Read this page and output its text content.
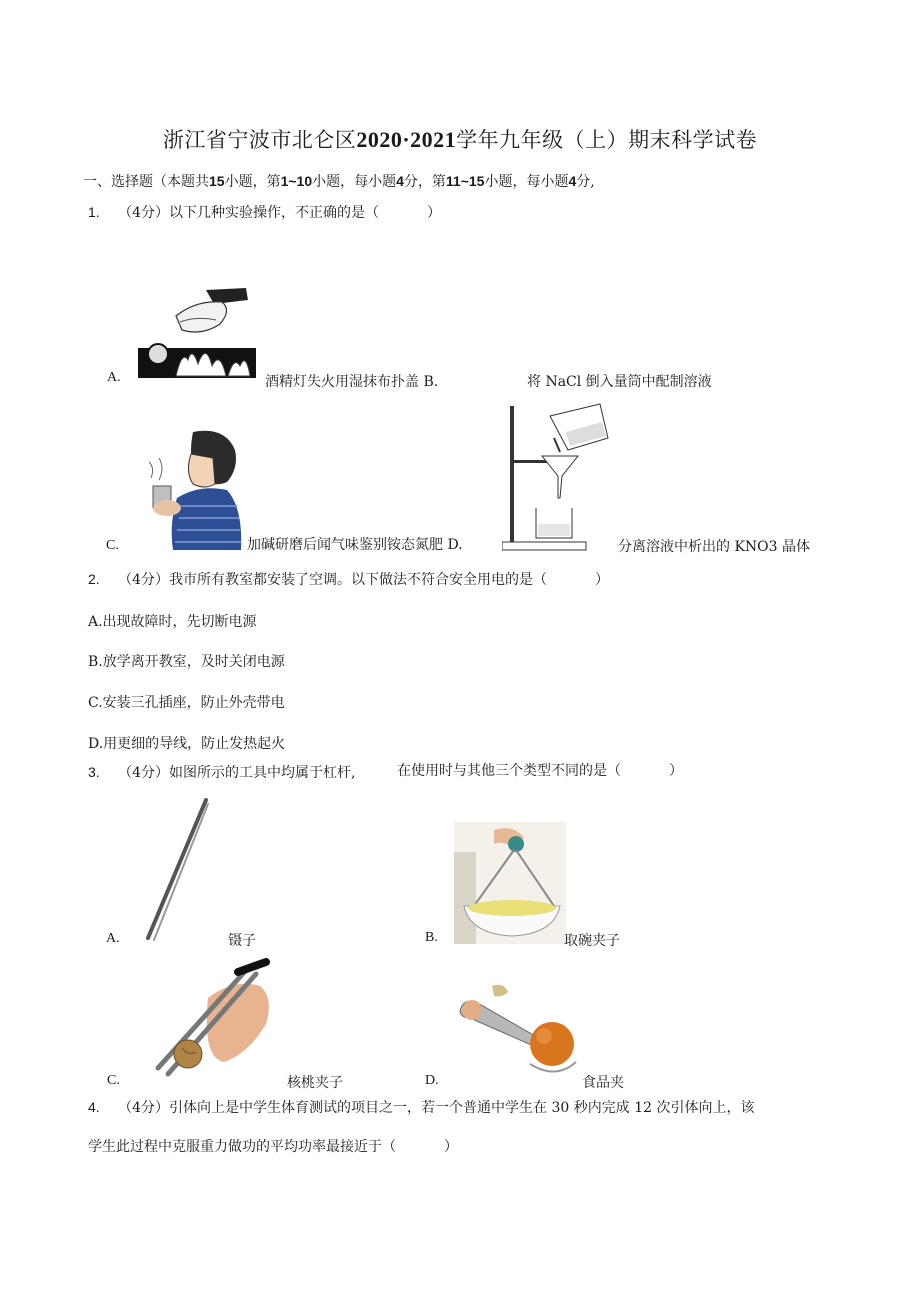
浙江省宁波市北仑区2020·2021学年九年级（上）期末科学试卷
一、选择题（本题共15小题，第1~10小题，每小题4分，第11~15小题，每小题4分,
1. （4分）以下几种实验操作，不正确的是（	）
A.	酒精灯失火用湿抹布扑盖 B.	将 NaCl 倒入量筒中配制溶液
C.	加碱研磨后闻气味鉴别铵态氮肥 D.	分离溶液中析出的 KNO3 晶体
2. （4分）我市所有教室都安装了空调。以下做法不符合安全用电的是（	）
A.出现故障时，先切断电源
B.放学离开教室，及时关闭电源
C.安装三孔插座，防止外壳带电
D.用更细的导线，防止发热起火
3. （4分）如图所示的工具中均属于杠杆,	在使用时与其他三个类型不同的是（	）
A.	镊子	B.	取碗夹子
C.	核桃夹子	D.	食品夹
4. （4分）引体向上是中学生体育测试的项目之一，若一个普通中学生在 30 秒内完成 12 次引体向上，该
学生此过程中克服重力做功的平均功率最接近于（	）
